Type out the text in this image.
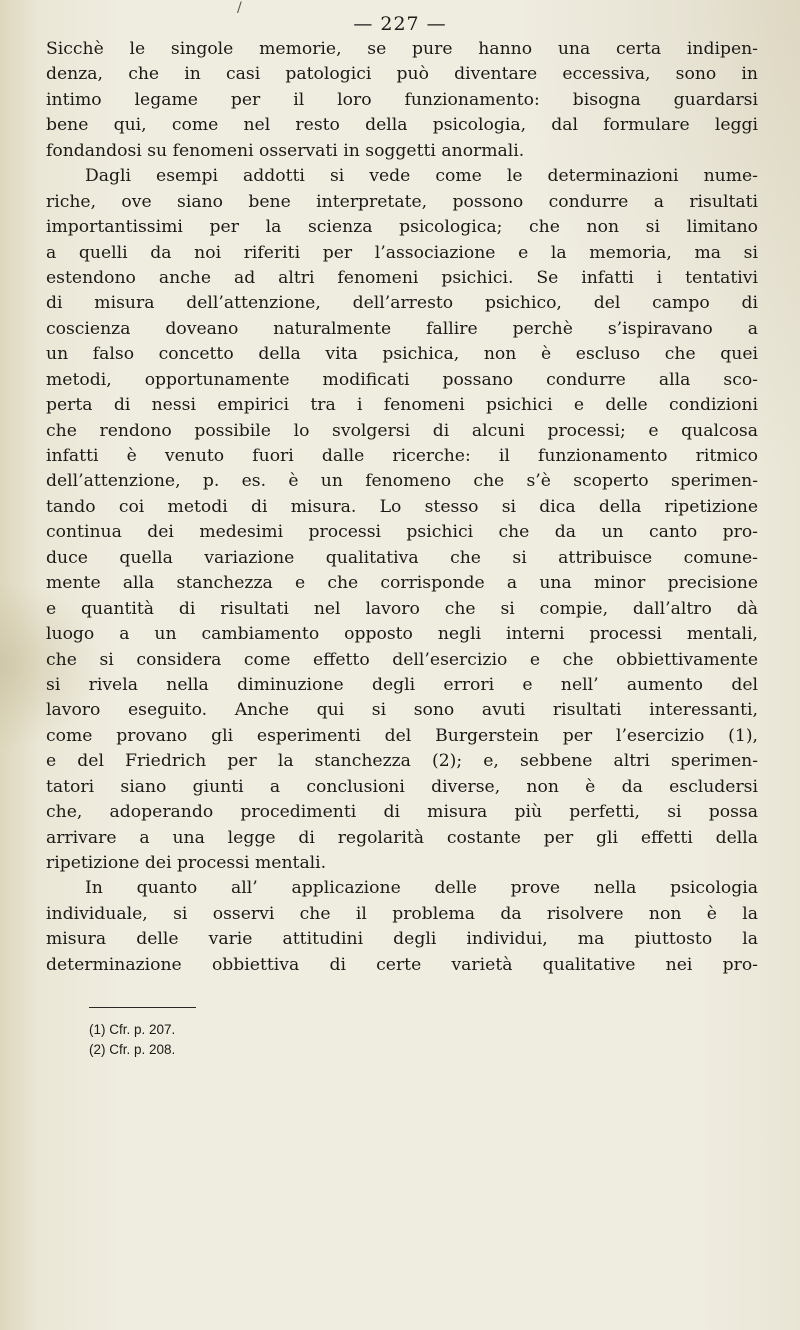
/
— 227 —
Sicchè le singole memorie, se pure hanno una certa indipen-
denza, che in casi patologici può diventare eccessiva, sono in
intimo legame per il loro funzionamento: bisogna guardarsi
bene qui, come nel resto della psicologia, dal formulare leggi
fondandosi su fenomeni osservati in soggetti anormali.
Dagli esempi addotti si vede come le determinazioni nume-
riche, ove siano bene interpretate, possono condurre a risultati
importantissimi per la scienza psicologica; che non si limitano
a quelli da noi riferiti per l’associazione e la memoria, ma si
estendono anche ad altri fenomeni psichici. Se infatti i tentativi
di misura dell’attenzione, dell’arresto psichico, del campo di
coscienza doveano naturalmente fallire perchè s’ispiravano a
un falso concetto della vita psichica, non è escluso che quei
metodi, opportunamente modificati possano condurre alla sco-
perta di nessi empirici tra i fenomeni psichici e delle condizioni
che rendono possibile lo svolgersi di alcuni processi; e qualcosa
infatti è venuto fuori dalle ricerche: il funzionamento ritmico
dell’attenzione, p. es. è un fenomeno che s’è scoperto sperimen-
tando coi metodi di misura. Lo stesso si dica della ripetizione
continua dei medesimi processi psichici che da un canto pro-
duce quella variazione qualitativa che si attribuisce comune-
mente alla stanchezza e che corrisponde a una minor precisione
e quantità di risultati nel lavoro che si compie, dall’altro dà
luogo a un cambiamento opposto negli interni processi mentali,
che si considera come effetto dell’esercizio e che obbiettivamente
si rivela nella diminuzione degli errori e nell’ aumento del
lavoro eseguito. Anche qui si sono avuti risultati interessanti,
come provano gli esperimenti del Burgerstein per l’esercizio (1),
e del Friedrich per la stanchezza (2); e, sebbene altri sperimen-
tatori siano giunti a conclusioni diverse, non è da escludersi
che, adoperando procedimenti di misura più perfetti, si possa
arrivare a una legge di regolarità costante per gli effetti della
ripetizione dei processi mentali.
In quanto all’ applicazione delle prove nella psicologia
individuale, si osservi che il problema da risolvere non è la
misura delle varie attitudini degli individui, ma piuttosto la
determinazione obbiettiva di certe varietà qualitative nei pro-
(1) Cfr. p. 207.
(2) Cfr. p. 208.
